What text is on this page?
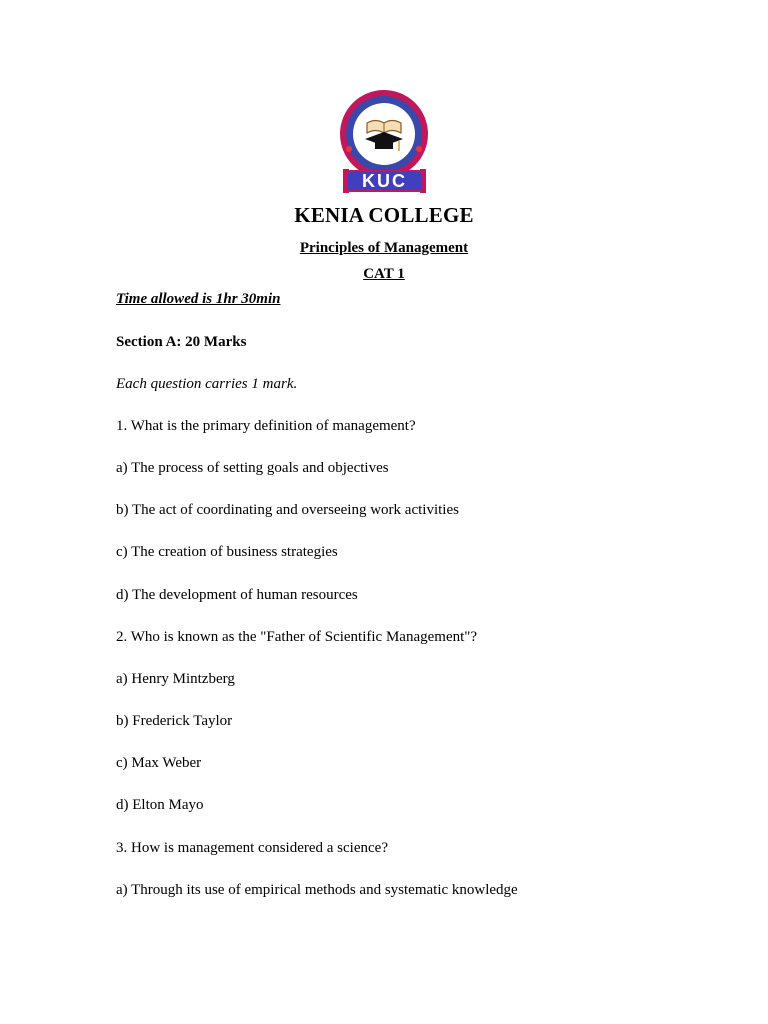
KUC
KENIA COLLEGE
Principles of Management
CAT 1
Time allowed is 1hr 30min
Section A: 20 Marks
Each question carries 1 mark.
1. What is the primary definition of management?
a) The process of setting goals and objectives
b) The act of coordinating and overseeing work activities
c) The creation of business strategies
d) The development of human resources
2. Who is known as the "Father of Scientific Management"?
a) Henry Mintzberg
b) Frederick Taylor
c) Max Weber
d) Elton Mayo
3. How is management considered a science?
a) Through its use of empirical methods and systematic knowledge
